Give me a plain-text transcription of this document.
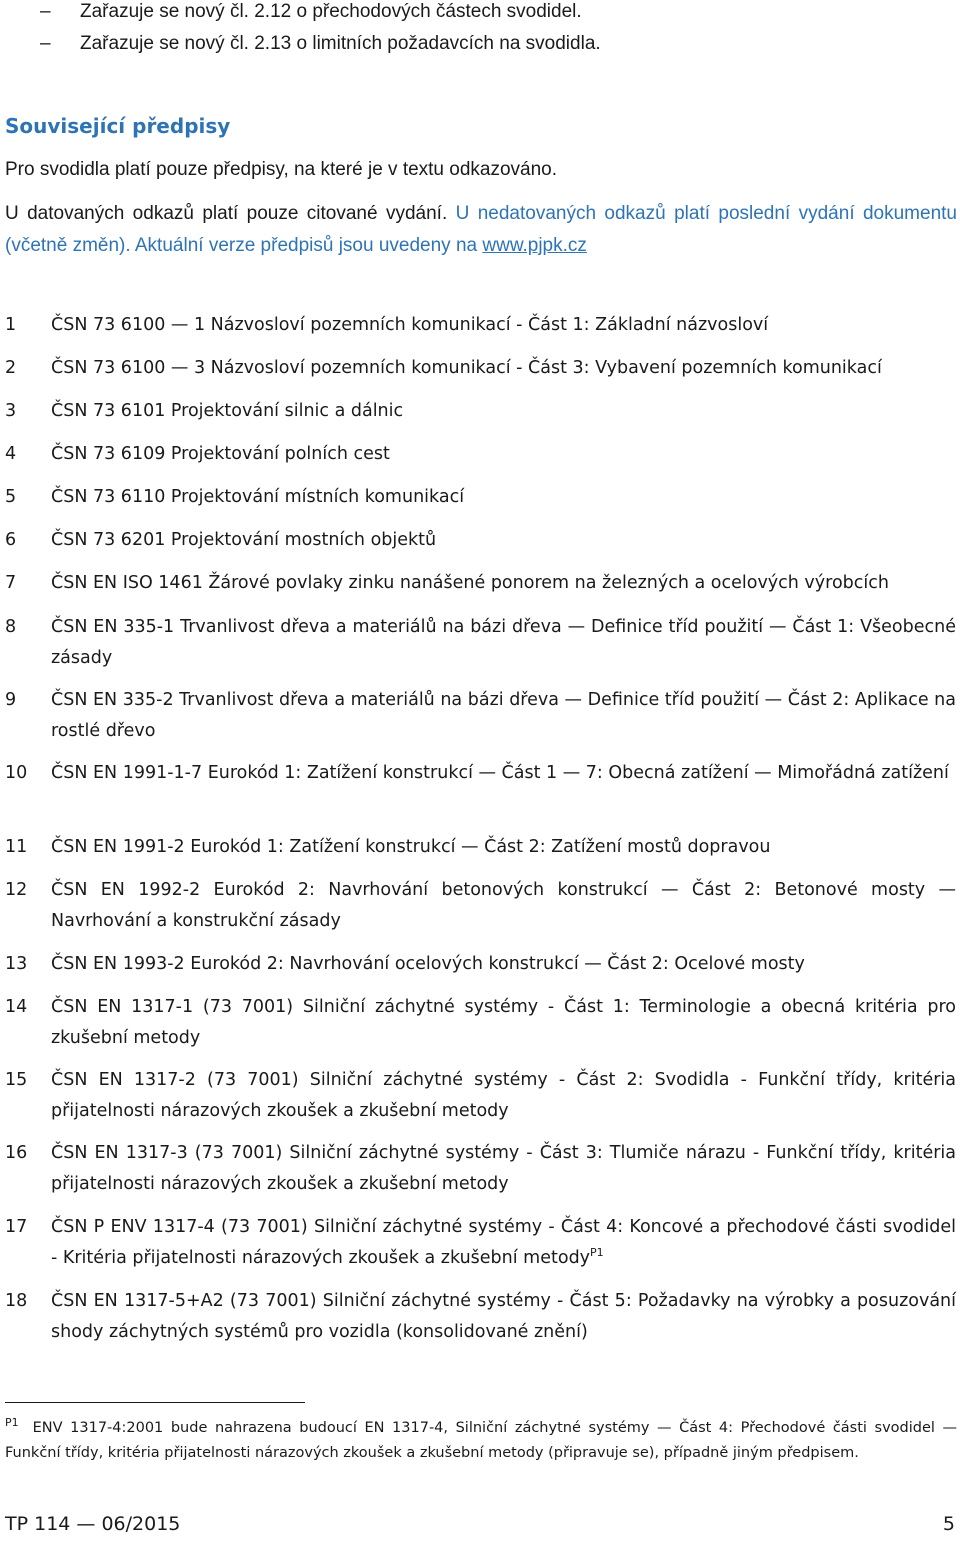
– Zařazuje se nový čl. 2.12 o přechodových částech svodidel.
– Zařazuje se nový čl. 2.13 o limitních požadavcích na svodidla.
Související předpisy
Pro svodidla platí pouze předpisy, na které je v textu odkazováno.
U datovaných odkazů platí pouze citované vydání. U nedatovaných odkazů platí poslední vydání dokumentu (včetně změn). Aktuální verze předpisů jsou uvedeny na www.pjpk.cz
1	ČSN 73 6100 — 1 Názvosloví pozemních komunikací - Část 1: Základní názvosloví
2	ČSN 73 6100 — 3 Názvosloví pozemních komunikací - Část 3: Vybavení pozemních komunikací
3	ČSN 73 6101 Projektování silnic a dálnic
4	ČSN 73 6109 Projektování polních cest
5	ČSN 73 6110 Projektování místních komunikací
6	ČSN 73 6201 Projektování mostních objektů
7	ČSN EN ISO 1461 Žárové povlaky zinku nanášené ponorem na železných a ocelových výrobcích
8	ČSN EN 335-1 Trvanlivost dřeva a materiálů na bázi dřeva — Definice tříd použití — Část 1: Všeobecné zásady
9	ČSN EN 335-2 Trvanlivost dřeva a materiálů na bázi dřeva — Definice tříd použití — Část 2: Aplikace na rostlé dřevo
10	ČSN EN 1991-1-7 Eurokód 1: Zatížení konstrukcí — Část 1 — 7: Obecná zatížení — Mimořádná zatížení
11	ČSN EN 1991-2 Eurokód 1: Zatížení konstrukcí — Část 2: Zatížení mostů dopravou
12	ČSN EN 1992-2 Eurokód 2: Navrhování betonových konstrukcí — Část 2: Betonové mosty — Navrhování a konstrukční zásady
13	ČSN EN 1993-2 Eurokód 2: Navrhování ocelových konstrukcí — Část 2: Ocelové mosty
14	ČSN EN 1317-1 (73 7001) Silniční záchytné systémy - Část 1: Terminologie a obecná kritéria pro zkušební metody
15	ČSN EN 1317-2 (73 7001) Silniční záchytné systémy - Část 2: Svodidla - Funkční třídy, kritéria přijatelnosti nárazových zkoušek a zkušební metody
16	ČSN EN 1317-3 (73 7001) Silniční záchytné systémy - Část 3: Tlumiče nárazu - Funkční třídy, kritéria přijatelnosti nárazových zkoušek a zkušební metody
17	ČSN P ENV 1317-4 (73 7001) Silniční záchytné systémy - Část 4: Koncové a přechodové části svodidel - Kritéria přijatelnosti nárazových zkoušek a zkušební metody$^{P1}$
18	ČSN EN 1317-5+A2 (73 7001) Silniční záchytné systémy - Část 5: Požadavky na výrobky a posuzování shody záchytných systémů pro vozidla (konsolidované znění)
$^{P1}$ ENV 1317-4:2001 bude nahrazena budoucí EN 1317-4, Silniční záchytné systémy — Část 4: Přechodové části svodidel — Funkční třídy, kritéria přijatelnosti nárazových zkoušek a zkušební metody (připravuje se), případně jiným předpisem.
TP 114 — 06/2015	5
